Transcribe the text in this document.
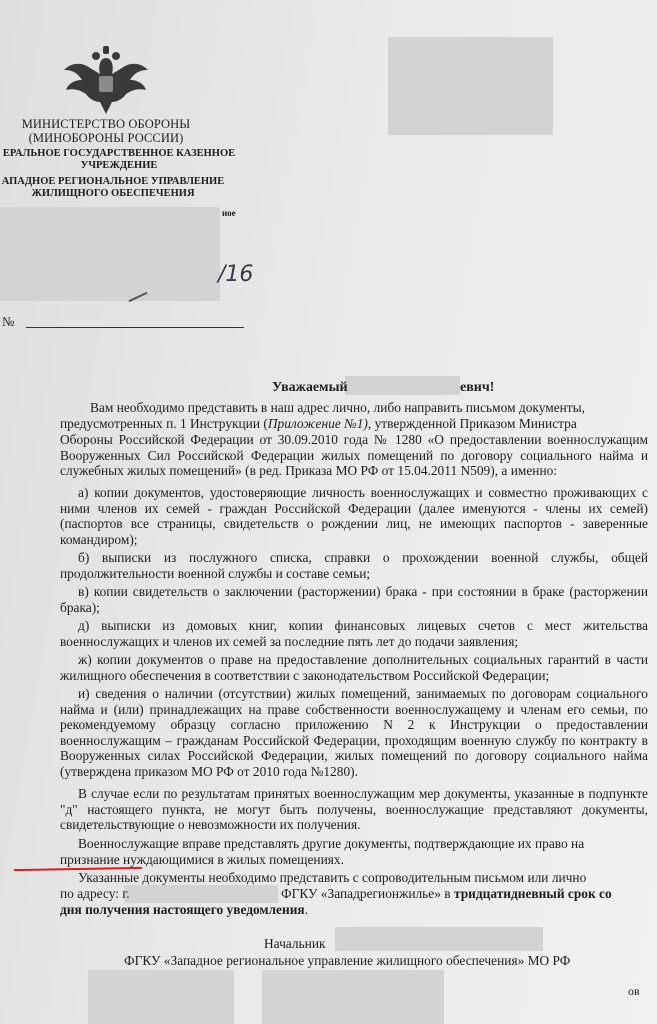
МИНИСТЕРСТВО ОБОРОНЫ
(МИНОБОРОНЫ РОССИИ)
ЕРАЛЬНОЕ ГОСУДАРСТВЕННОЕ КАЗЕННОЕ
УЧРЕЖДЕНИЕ
АПАДНОЕ РЕГИОНАЛЬНОЕ УПРАВЛЕНИЕ
ЖИЛИЩНОГО ОБЕСПЕЧЕНИЯ
ное
/16
№
Уважаемый	евич!
Вам необходимо представить в наш адрес лично, либо направить письмом документы,
предусмотренных п. 1 Инструкции (Приложение №1), утвержденной Приказом Министра
Обороны Российской Федерации от 30.09.2010 года № 1280 «О предоставлении военнослужащим Вооруженных Сил Российской Федерации жилых помещений по договору социального найма и служебных жилых помещений» (в ред. Приказа МО РФ от 15.04.2011 N509), а именно:
а) копии документов, удостоверяющие личность военнослужащих и совместно проживающих с ними членов их семей - граждан Российской Федерации (далее именуются - члены их семей) (паспортов все страницы, свидетельств о рождении лиц, не имеющих паспортов - заверенные командиром);
б) выписки из послужного списка, справки о прохождении военной службы, общей продолжительности военной службы и составе семьи;
в) копии свидетельств о заключении (расторжении) брака - при состоянии в браке (расторжении брака);
д) выписки из домовых книг, копии финансовых лицевых счетов с мест жительства военнослужащих и членов их семей за последние пять лет до подачи заявления;
ж) копии документов о праве на предоставление дополнительных социальных гарантий в части жилищного обеспечения в соответствии с законодательством Российской Федерации;
и) сведения о наличии (отсутствии) жилых помещений, занимаемых по договорам социального найма и (или) принадлежащих на праве собственности военнослужащему и членам его семьи, по рекомендуемому образцу согласно приложению N 2 к Инструкции о предоставлении военнослужащим – гражданам Российской Федерации, проходящим военную службу по контракту в Вооруженных силах Российской Федерации, жилых помещений по договору социального найма (утверждена приказом МО РФ от 2010 года №1280).
В случае если по результатам принятых военнослужащим мер документы, указанные в подпункте "д" настоящего пункта, не могут быть получены, военнослужащие представляют документы, свидетельствующие о невозможности их получения.
Военнослужащие вправе представлять другие документы, подтверждающие их право на
признание нуждающимися в жилых помещениях.
Указанные документы необходимо представить с сопроводительным письмом или лично
по адресу: г.	ФГКУ «Западрегионжилье» в тридцатидневный срок со
дня получения настоящего уведомления.
Начальник
ФГКУ «Западное региональное управление жилищного обеспечения» МО РФ
ов
